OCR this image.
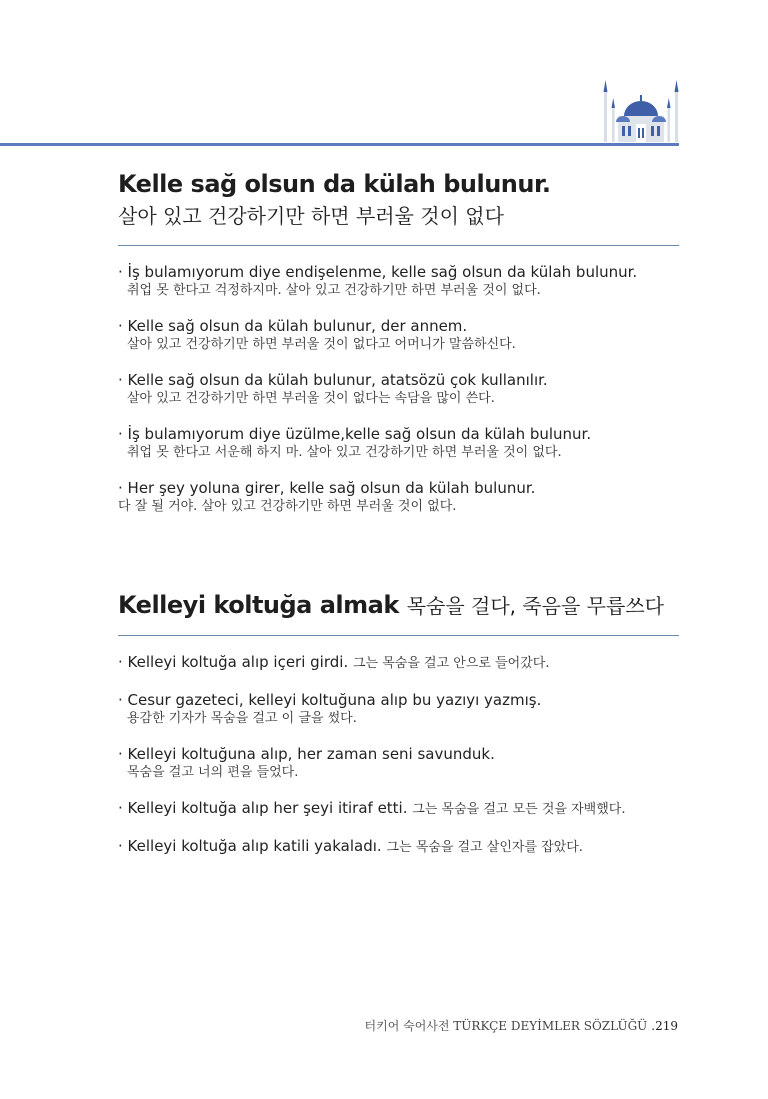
Kelle sağ olsun da külah bulunur.
살아 있고 건강하기만 하면 부러울 것이 없다
· İş bulamıyorum diye endişelenme, kelle sağ olsun da külah bulunur.
취업 못 한다고 걱정하지마. 살아 있고 건강하기만 하면 부러울 것이 없다.
· Kelle sağ olsun da külah bulunur, der annem.
살아 있고 건강하기만 하면 부러울 것이 없다고 어머니가 말씀하신다.
· Kelle sağ olsun da külah bulunur, atatsözü çok kullanılır.
살아 있고 건강하기만 하면 부러울 것이 없다는 속담을 많이 쓴다.
· İş bulamıyorum diye üzülme,kelle sağ olsun da külah bulunur.
취업 못 한다고 서운해 하지 마. 살아 있고 건강하기만 하면 부러울 것이 없다.
· Her şey yoluna girer, kelle sağ olsun da külah bulunur.
다 잘 될 거야. 살아 있고 건강하기만 하면 부러울 것이 없다.
Kelleyi koltuğa almak 목숨을 걸다, 죽음을 무릅쓰다
· Kelleyi koltuğa alıp içeri girdi. 그는 목숨을 걸고 안으로 들어갔다.
· Cesur gazeteci, kelleyi koltuğuna alıp bu yazıyı yazmış.
용감한 기자가 목숨을 걸고 이 글을 썼다.
· Kelleyi koltuğuna alıp, her zaman seni savunduk.
목숨을 걸고 너의 편을 들었다.
· Kelleyi koltuğa alıp her şeyi itiraf etti. 그는 목숨을 걸고 모든 것을 자백했다.
· Kelleyi koltuğa alıp katili yakaladı. 그는 목숨을 걸고 살인자를 잡았다.
터키어 숙어사전 TÜRKÇE DEYİMLER SÖZLÜĞÜ .219
